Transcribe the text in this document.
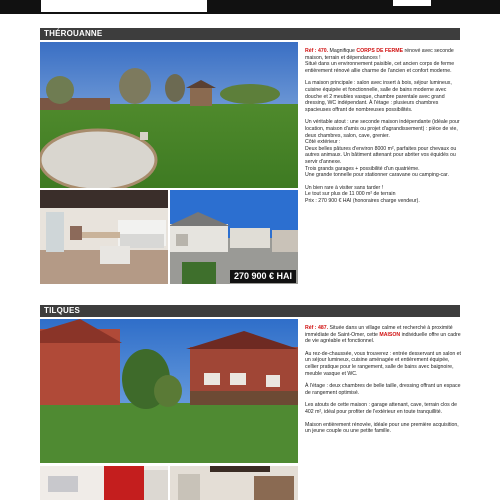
THÉROUANNE
270 900 € HAI

Réf : 470. Magnifique CORPS DE FERME rénové avec seconde maison, terrain et dépendances !
Situé dans un environnement paisible, cet ancien corps de ferme entièrement rénové allie charme de l'ancien et confort moderne.

La maison principale : salon avec insert à bois, séjour lumineux, cuisine équipée et fonctionnelle, salle de bains moderne avec douche et 2 meubles vasque, chambre parentale avec grand dressing, WC indépendant. À l'étage : plusieurs chambres spacieuses offrant de nombreuses possibilités.

Un véritable atout : une seconde maison indépendante (idéale pour location, maison d'amis ou projet d'agrandissement) : pièce de vie, deux chambres, salon, cave, grenier.
Côté extérieur :
Deux belles pâtures d'environ 8000 m², parfaites pour chevaux ou autres animaux. Un bâtiment attenant pour abriter vos équidés ou servir d'annexe.
Trois grands garages + possibilité d'un quatrième.
Une grande tonnelle pour stationner caravane ou camping-car.

Un bien rare à visiter sans tarder !
Le tout sur plus de 11 000 m² de terrain
Prix : 270 900 € HAI (honoraires charge vendeur).

TILQUES

Réf : 487. Située dans un village calme et recherché à proximité immédiate de Saint-Omer, cette MAISON individuelle offre un cadre de vie agréable et fonctionnel.

Au rez-de-chaussée, vous trouverez : entrée desservant un salon et un séjour lumineux, cuisine aménagée et entièrement équipée, cellier pratique pour le rangement, salle de bains avec baignoire, meuble vasque et WC.

À l'étage : deux chambres de belle taille, dressing offrant un espace de rangement optimisé.

Les atouts de cette maison : garage attenant, cave, terrain clos de 402 m², idéal pour profiter de l'extérieur en toute tranquillité.

Maison entièrement rénovée, idéale pour une première acquisition, un jeune couple ou une petite famille.
